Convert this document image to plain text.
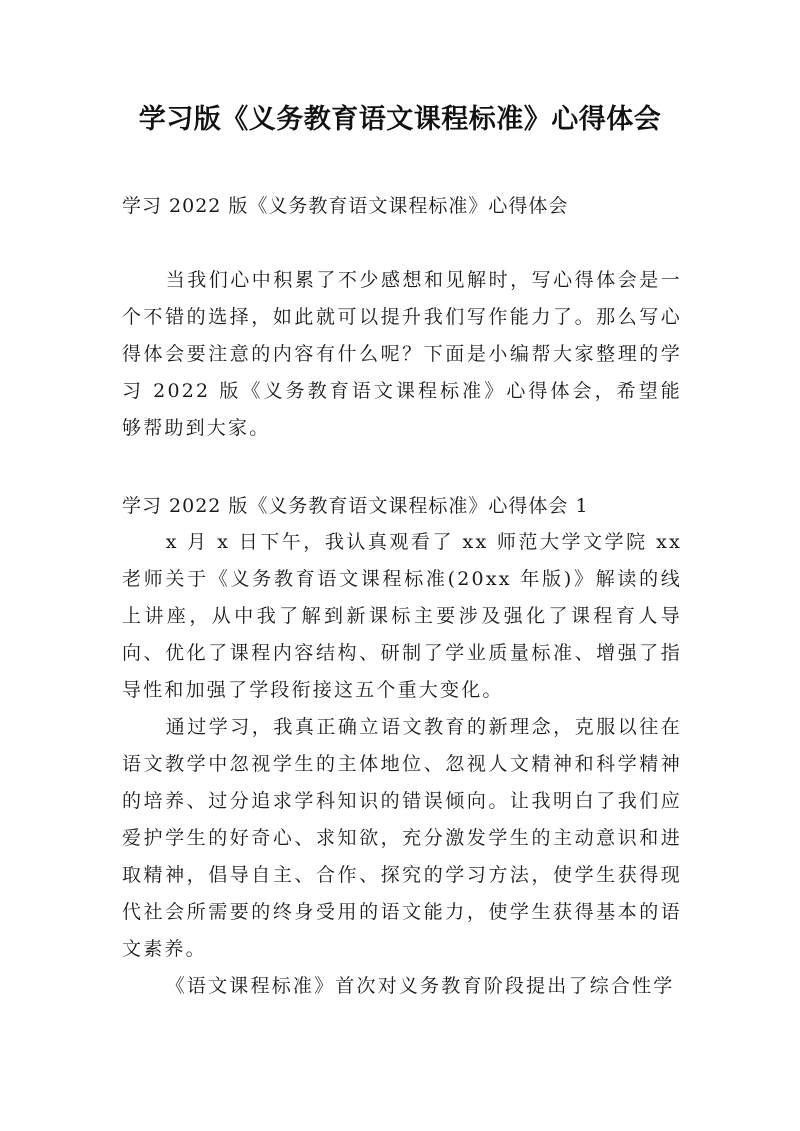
学习版《义务教育语文课程标准》心得体会

学习 2022 版《义务教育语文课程标准》心得体会

当我们心中积累了不少感想和见解时，写心得体会是一个不错的选择，如此就可以提升我们写作能力了。那么写心得体会要注意的内容有什么呢？下面是小编帮大家整理的学习 2022 版《义务教育语文课程标准》心得体会，希望能够帮助到大家。

学习 2022 版《义务教育语文课程标准》心得体会 1

x 月 x 日下午，我认真观看了 xx 师范大学文学院 xx 老师关于《义务教育语文课程标准(20xx 年版)》解读的线上讲座，从中我了解到新课标主要涉及强化了课程育人导向、优化了课程内容结构、研制了学业质量标准、增强了指导性和加强了学段衔接这五个重大变化。

通过学习，我真正确立语文教育的新理念，克服以往在语文教学中忽视学生的主体地位、忽视人文精神和科学精神的培养、过分追求学科知识的错误倾向。让我明白了我们应爱护学生的好奇心、求知欲，充分激发学生的主动意识和进取精神，倡导自主、合作、探究的学习方法，使学生获得现代社会所需要的终身受用的语文能力，使学生获得基本的语文素养。

《语文课程标准》首次对义务教育阶段提出了综合性学
